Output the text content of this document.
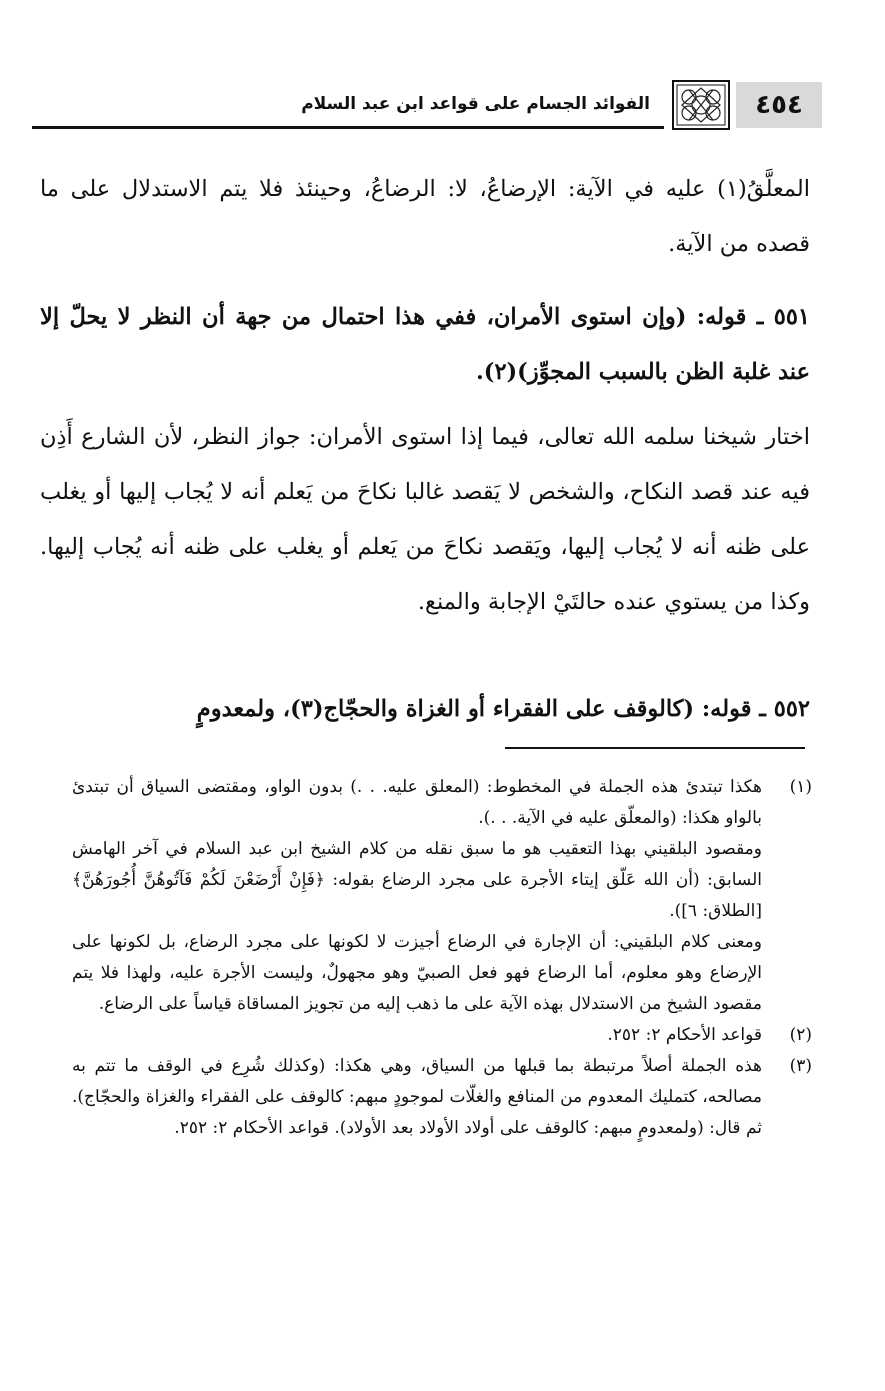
٤٥٤
الفوائد الجسام على قواعد ابن عبد السلام

المعلَّقُ(١) عليه في الآية: الإرضاعُ، لا: الرضاعُ، وحينئذ فلا يتم الاستدلال على ما قصده من الآية.

٥٥١ ـ قوله: (وإن استوى الأمران، ففي هذا احتمال من جهة أن النظر لا يحلّ إلا عند غلبة الظن بالسبب المجوِّز)(٢).

اختار شيخنا سلمه الله تعالى، فيما إذا استوى الأمران: جواز النظر، لأن الشارع أَذِن فيه عند قصد النكاح، والشخص لا يَقصد غالبا نكاحَ من يَعلم أنه لا يُجاب إليها أو يغلب على ظنه أنه لا يُجاب إليها، ويَقصد نكاحَ من يَعلم أو يغلب على ظنه أنه يُجاب إليها. وكذا من يستوي عنده حالتَيْ الإجابة والمنع.

٥٥٢ ـ قوله: (كالوقف على الفقراء أو الغزاة والحجّاج(٣)، ولمعدومٍ

(١)

هكذا تبتدئ هذه الجملة في المخطوط: (المعلق عليه. . .) بدون الواو، ومقتضى السياق أن تبتدئ بالواو هكذا: (والمعلّق عليه في الآية. . .).

ومقصود البلقيني بهذا التعقيب هو ما سبق نقله من كلام الشيخ ابن عبد السلام في آخر الهامش السابق: (أن الله عَلّق إيتاء الأجرة على مجرد الرضاع بقوله: ﴿فَإِنْ أَرْضَعْنَ لَكُمْ فَآتُوهُنَّ أُجُورَهُنَّ﴾ [الطلاق: ٦]).

ومعنى كلام البلقيني: أن الإجارة في الرضاع أجيزت لا لكونها على مجرد الرضاع، بل لكونها على الإرضاع وهو معلوم، أما الرضاع فهو فعل الصبيّ وهو مجهولٌ، وليست الأجرة عليه، ولهذا فلا يتم مقصود الشيخ من الاستدلال بهذه الآية على ما ذهب إليه من تجويز المساقاة قياساً على الرضاع.

(٢)

قواعد الأحكام ٢: ٢٥٢.

(٣)

هذه الجملة أصلاً مرتبطة بما قبلها من السياق، وهي هكذا: (وكذلك شُرِع في الوقف ما تتم به مصالحه، كتمليك المعدوم من المنافع والغلّات لموجودٍ مبهم: كالوقف على الفقراء والغزاة والحجّاج). ثم قال: (ولمعدومٍ مبهم: كالوقف على أولاد الأولاد بعد الأولاد). قواعد الأحكام ٢: ٢٥٢.
